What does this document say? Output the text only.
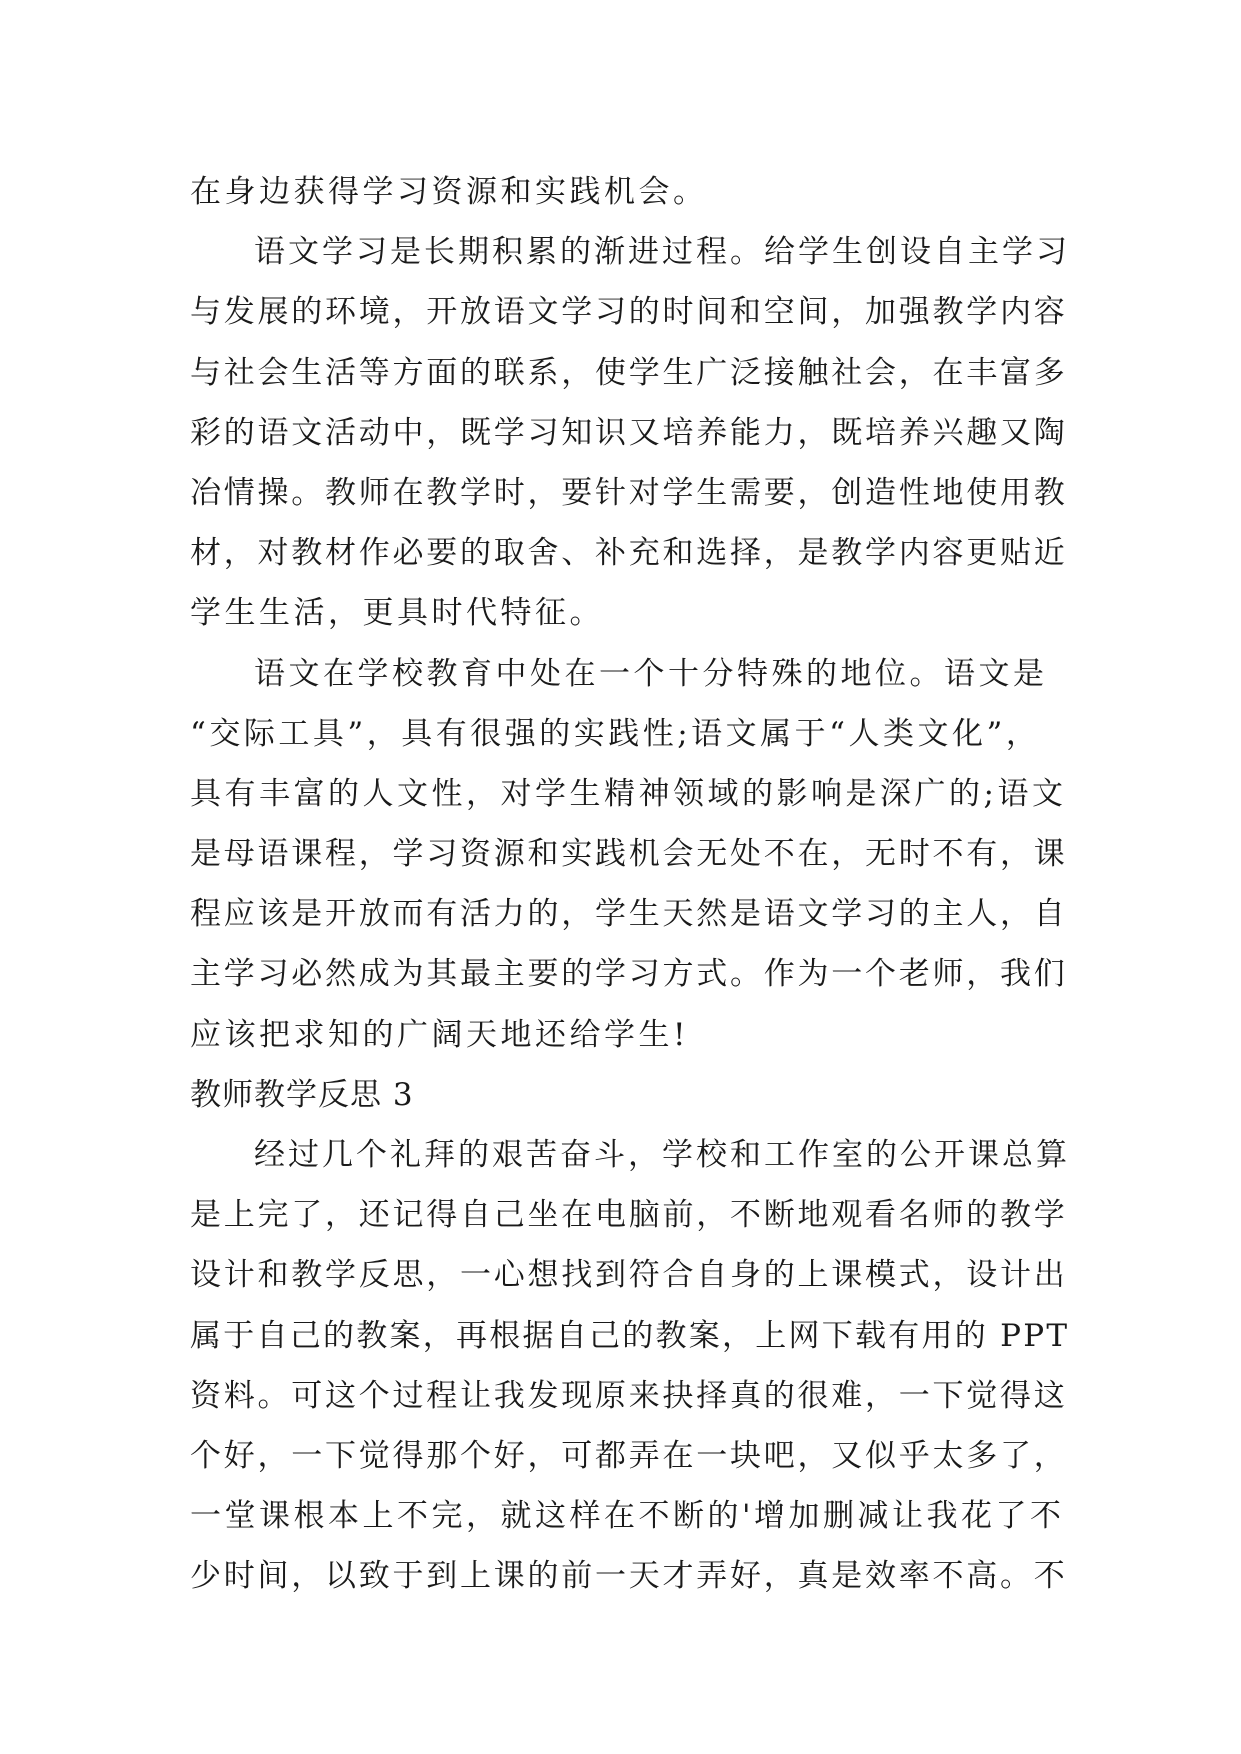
在身边获得学习资源和实践机会。
语文学习是长期积累的渐进过程。给学生创设自主学习
与发展的环境，开放语文学习的时间和空间，加强教学内容
与社会生活等方面的联系，使学生广泛接触社会，在丰富多
彩的语文活动中，既学习知识又培养能力，既培养兴趣又陶
冶情操。教师在教学时，要针对学生需要，创造性地使用教
材，对教材作必要的取舍、补充和选择，是教学内容更贴近
学生生活，更具时代特征。
语文在学校教育中处在一个十分特殊的地位。语文是
“交际工具”，具有很强的实践性;语文属于“人类文化”，
具有丰富的人文性，对学生精神领域的影响是深广的;语文
是母语课程，学习资源和实践机会无处不在，无时不有，课
程应该是开放而有活力的，学生天然是语文学习的主人，自
主学习必然成为其最主要的学习方式。作为一个老师，我们
应该把求知的广阔天地还给学生!
教师教学反思 3
经过几个礼拜的艰苦奋斗，学校和工作室的公开课总算
是上完了，还记得自己坐在电脑前，不断地观看名师的教学
设计和教学反思，一心想找到符合自身的上课模式，设计出
属于自己的教案，再根据自己的教案，上网下载有用的 PPT
资料。可这个过程让我发现原来抉择真的很难，一下觉得这
个好，一下觉得那个好，可都弄在一块吧，又似乎太多了，
一堂课根本上不完，就这样在不断的'增加删减让我花了不
少时间，以致于到上课的前一天才弄好，真是效率不高。不
